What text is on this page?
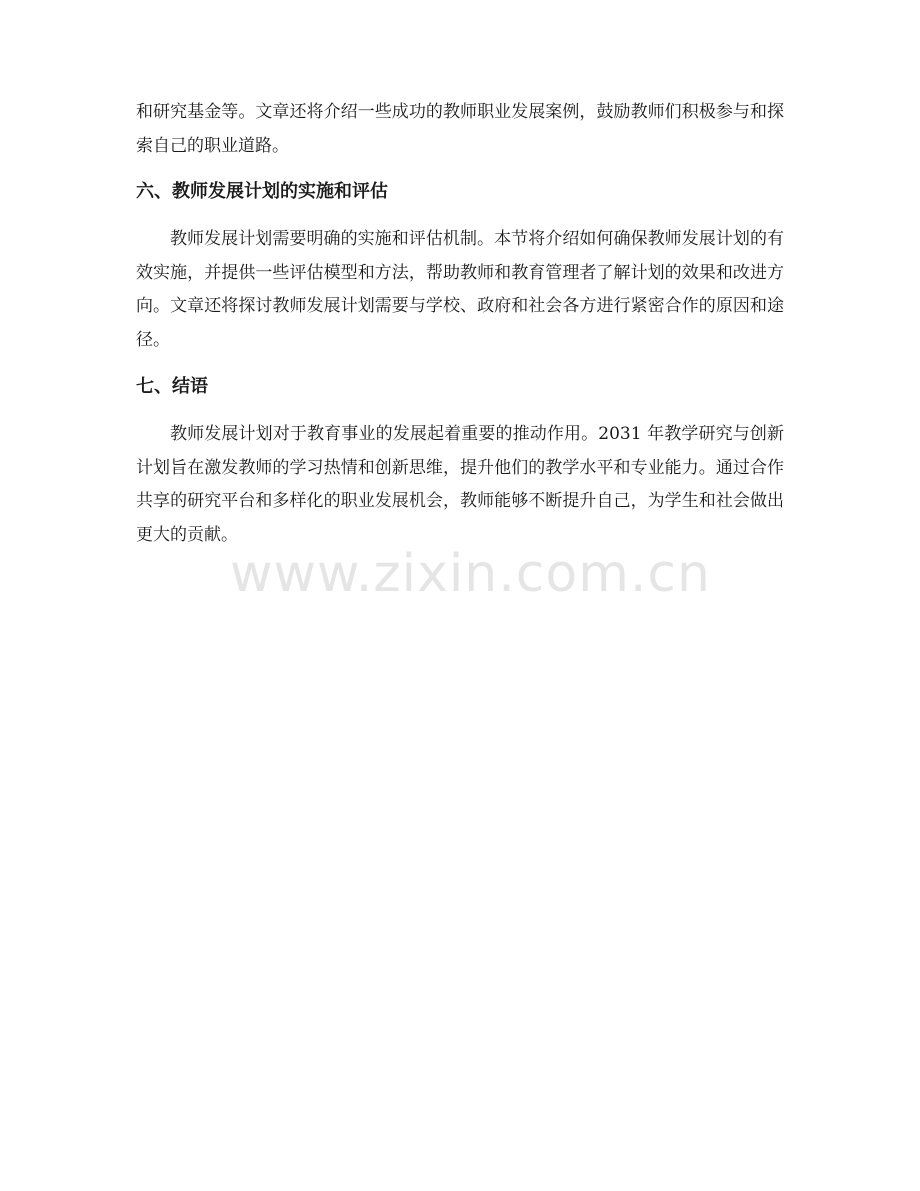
和研究基金等。文章还将介绍一些成功的教师职业发展案例，鼓励教师们积极参与和探索自己的职业道路。

六、教师发展计划的实施和评估

教师发展计划需要明确的实施和评估机制。本节将介绍如何确保教师发展计划的有效实施，并提供一些评估模型和方法，帮助教师和教育管理者了解计划的效果和改进方向。文章还将探讨教师发展计划需要与学校、政府和社会各方进行紧密合作的原因和途径。

七、结语

教师发展计划对于教育事业的发展起着重要的推动作用。2031 年教学研究与创新计划旨在激发教师的学习热情和创新思维，提升他们的教学水平和专业能力。通过合作共享的研究平台和多样化的职业发展机会，教师能够不断提升自己，为学生和社会做出更大的贡献。

www.zixin.com.cn
